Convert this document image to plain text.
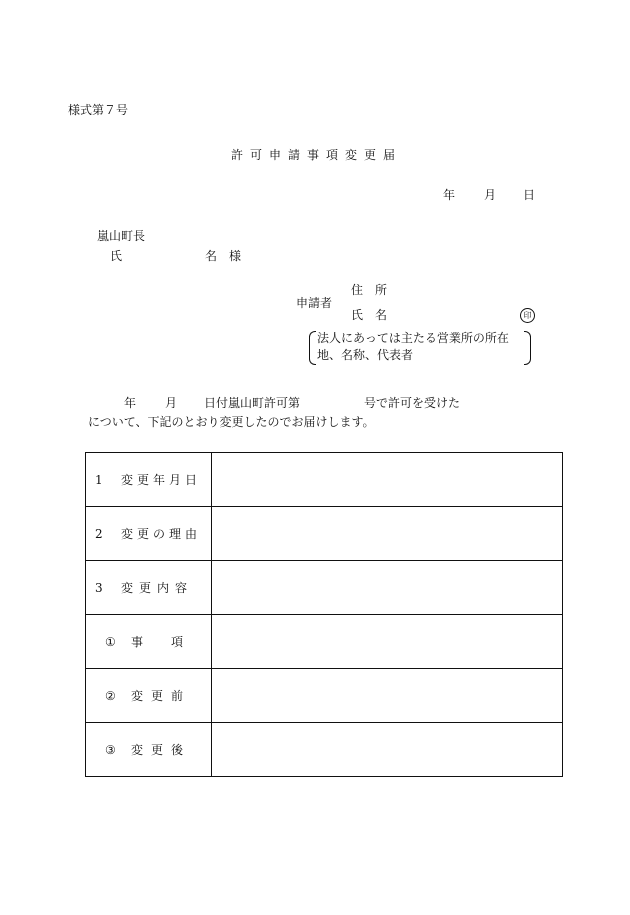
様式第７号
許可申請事項変更届
年 月 日
嵐山町長
氏	名様
申請者
住所
氏名	印
法人にあっては主たる営業所の所在
地、名称、代表者
年 月 日付嵐山町許可第	号で許可を受けた
について、下記のとおり変更したのでお届けします。
1 変更年月日	

2 変更の理由	

3 変更内容	

① 事項	

② 変更前	

③ 変更後	
